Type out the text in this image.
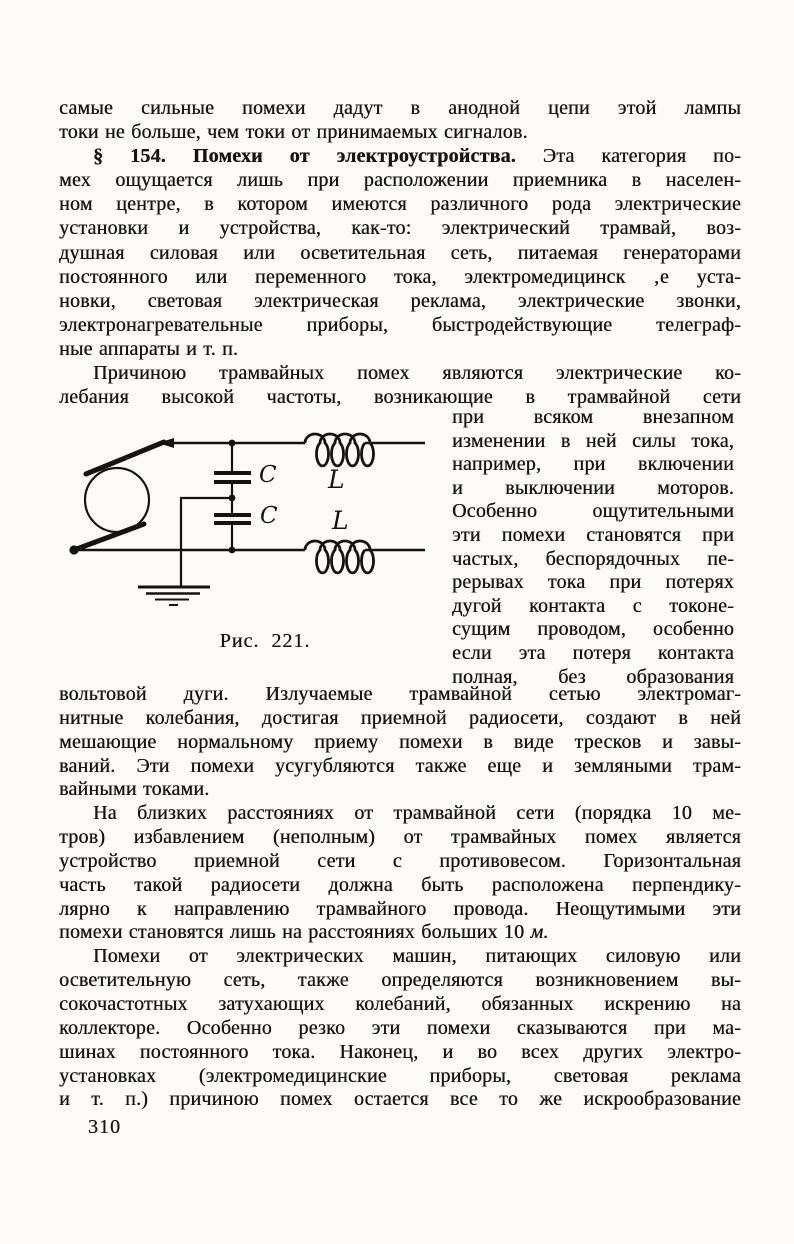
самые сильные помехи дадут в анодной цепи этой лампы
токи не больше, чем токи от принимаемых сигналов.
§ 154. Помехи от электроустройства. Эта категория по-
мех ощущается лишь при расположении приемника в населен-
ном центре, в котором имеются различного рода электрические
установки и устройства, как-то: электрический трамвай, воз-
душная силовая или осветительная сеть, питаемая генераторами
постоянного или переменного тока, электромедицинск ‚е уста-
новки, световая электрическая реклама, электрические звонки,
электронагревательные приборы, быстродействующие телеграф-
ные аппараты и т. п.
Причиною трамвайных помех являются электрические ко-
лебания высокой частоты, возникающие в трамвайной сети
при всяком внезапном
изменении в ней силы тока,
например, при включении
и выключении моторов.
Особенно ощутительными
эти помехи становятся при
частых, беспорядочных пе-
рерывах тока при потерях
дугой контакта с токоне-
сущим проводом, особенно
если эта потеря контакта
полная, без образования
вольтовой дуги. Излучаемые трамвайной сетью электромаг-
нитные колебания, достигая приемной радиосети, создают в ней
мешающие нормальному приему помехи в виде тресков и завы-
ваний. Эти помехи усугубляются также еще и земляными трам-
вайными токами.
На близких расстояниях от трамвайной сети (порядка 10 ме-
тров) избавлением (неполным) от трамвайных помех является
устройство приемной сети с противовесом. Горизонтальная
часть такой радиосети должна быть расположена перпендику-
лярно к направлению трамвайного провода. Неощутимыми эти
помехи становятся лишь на расстояниях больших 10 м.
Помехи от электрических машин, питающих силовую или
осветительную сеть, также определяются возникновением вы-
сокочастотных затухающих колебаний, обязанных искрению на
коллекторе. Особенно резко эти помехи сказываются при ма-
шинах постоянного тока. Наконец, и во всех других электро-
установках (электромедицинские приборы, световая реклама
и т. п.) причиною помех остается все то же искрообразование
C
C
L
L
Рис. 221.
310
